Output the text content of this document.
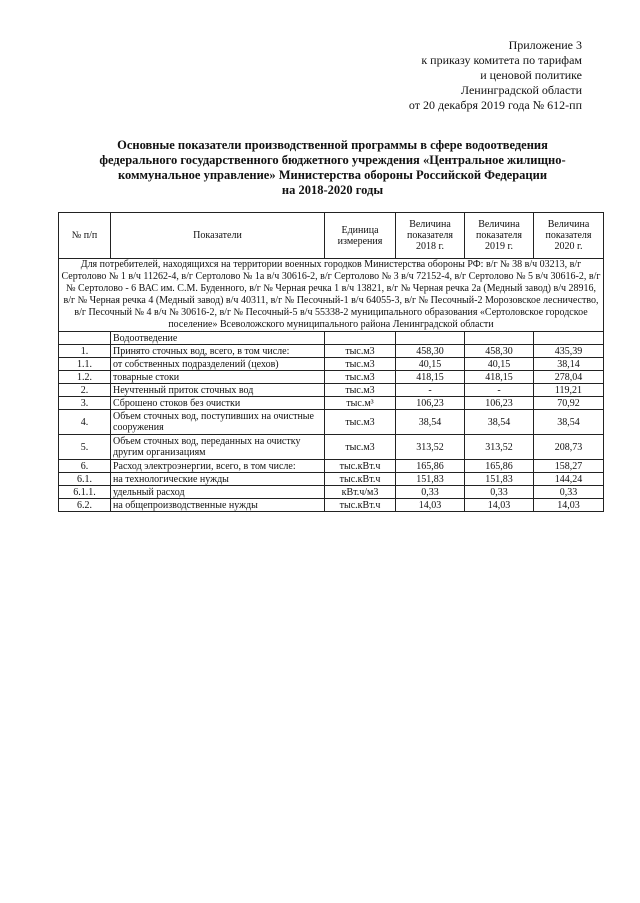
Приложение 3
к приказу комитета по тарифам
и ценовой политике
Ленинградской области
от 20 декабря 2019 года № 612-пп
Основные показатели производственной программы в сфере водоотведения
федерального государственного бюджетного учреждения «Центральное жилищно-
коммунальное управление» Министерства обороны Российской Федерации
на 2018-2020 годы
№ п/п	Показатели	Единица измерения	Величина показателя 2018 г.	Величина показателя 2019 г.	Величина показателя 2020 г.
Для потребителей, находящихся на территории военных городков Министерства обороны РФ: в/г № 38 в/ч 03213, в/г Сертолово № 1 в/ч 11262-4, в/г Сертолово № 1а в/ч 30616-2, в/г Сертолово № 3 в/ч 72152-4, в/г Сертолово № 5 в/ч 30616-2, в/г № Сертолово - 6 ВАС им. С.М. Буденного, в/г № Черная речка 1 в/ч 13821, в/г № Черная речка 2а (Медный завод) в/ч 28916, в/г № Черная речка 4 (Медный завод) в/ч 40311, в/г № Песочный-1 в/ч 64055-3, в/г № Песочный-2 Морозовское лесничество, в/г Песочный № 4 в/ч № 30616-2, в/г № Песочный-5 в/ч 55338-2 муниципального образования «Сертоловское городское поселение» Всеволожского муниципального района Ленинградской области					
	Водоотведение				
1.	Принято сточных вод, всего, в том числе:	тыс.м3	458,30	458,30	435,39
1.1.	от собственных подразделений (цехов)	тыс.м3	40,15	40,15	38,14
1.2.	товарные стоки	тыс.м3	418,15	418,15	278,04
2.	Неучтенный приток сточных вод	тыс.м3	-	-	119,21
3.	Сброшено стоков без очистки	тыс.м³	106,23	106,23	70,92
4.	Объем сточных вод, поступивших на очистные сооружения	тыс.м3	38,54	38,54	38,54
5.	Объем сточных вод, переданных на очистку другим организациям	тыс.м3	313,52	313,52	208,73
6.	Расход электроэнергии, всего, в том числе:	тыс.кВт.ч	165,86	165,86	158,27
6.1.	на технологические нужды	тыс.кВт.ч	151,83	151,83	144,24
6.1.1.	удельный расход	кВт.ч/м3	0,33	0,33	0,33
6.2.	на общепроизводственные нужды	тыс.кВт.ч	14,03	14,03	14,03
